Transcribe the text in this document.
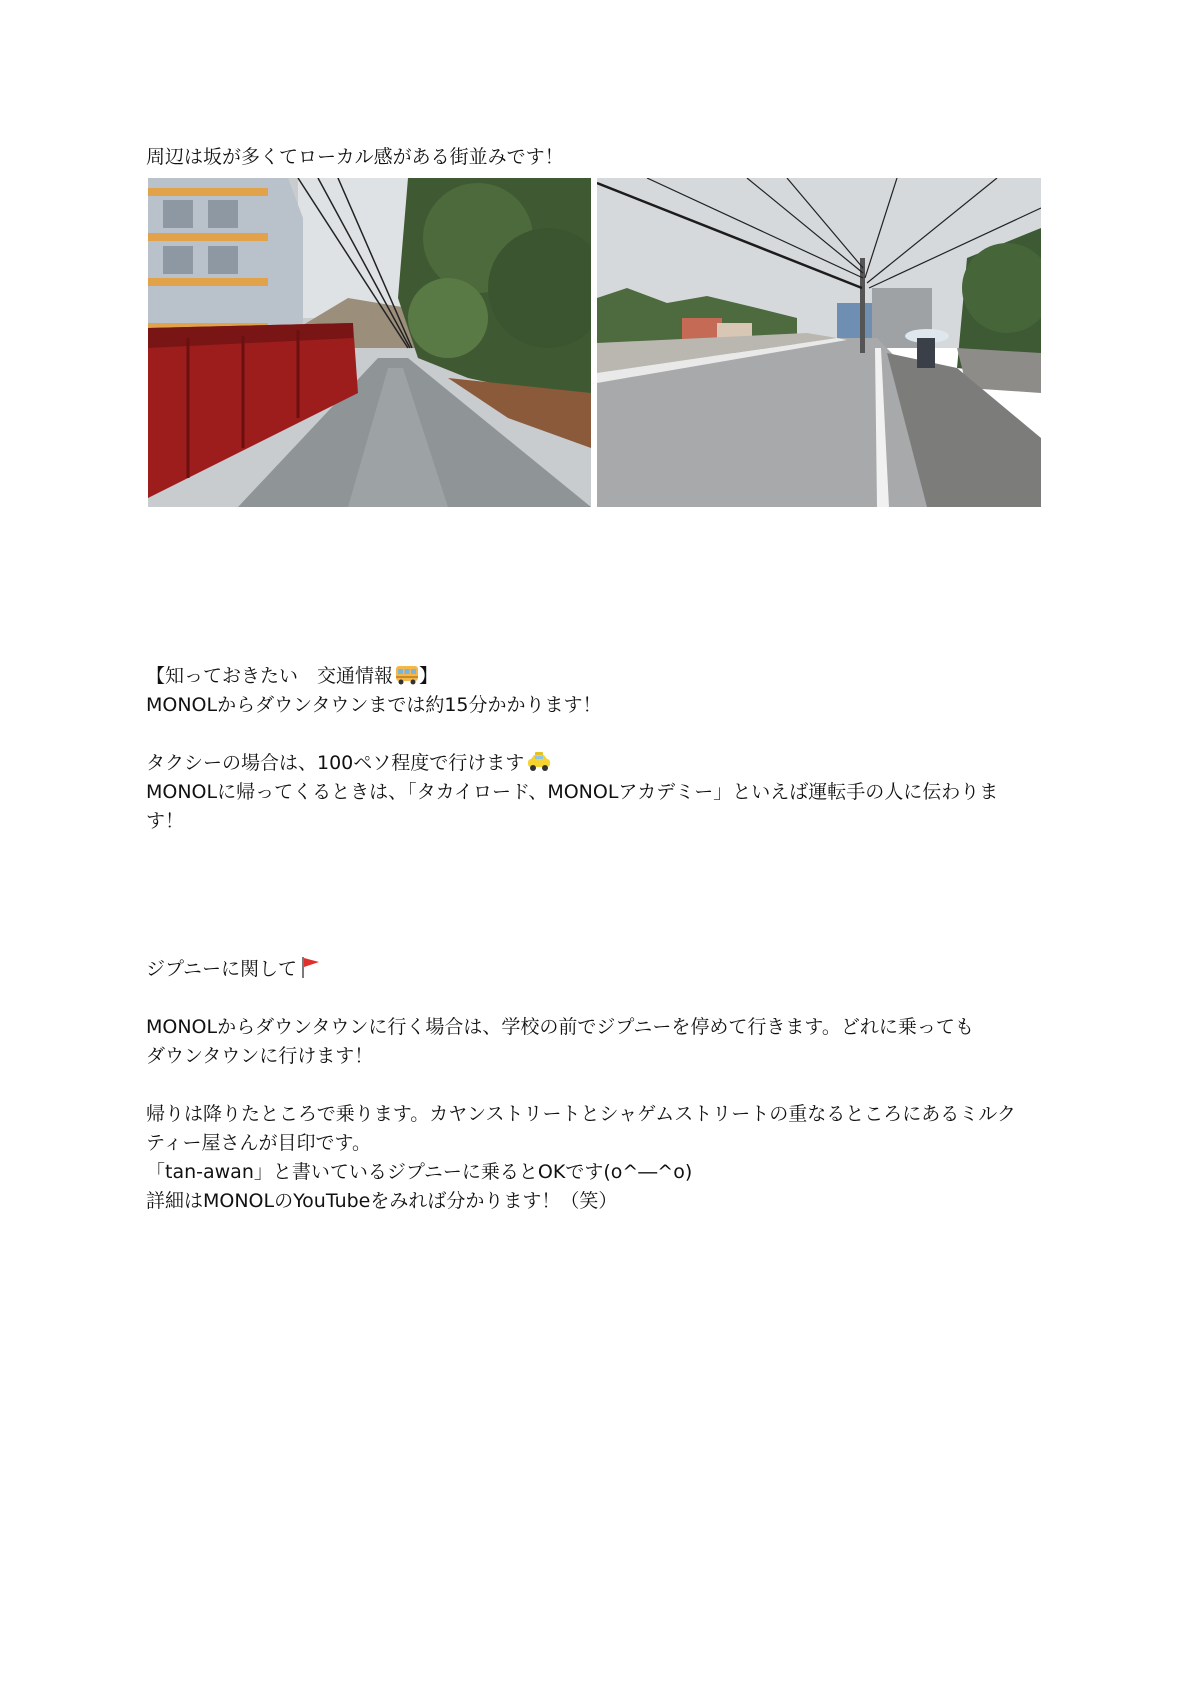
周辺は坂が多くてローカル感がある街並みです！
【知っておきたい　交通情報 】
MONOLからダウンタウンまでは約15分かかります！
タクシーの場合は、100ペソ程度で行けます
MONOLに帰ってくるときは、「タカイロード、MONOLアカデミー」といえば運転手の人に伝わりま
す！
ジプニーに関して
MONOLからダウンタウンに行く場合は、学校の前でジプニーを停めて行きます。どれに乗っても
ダウンタウンに行けます！
帰りは降りたところで乗ります。カヤンストリートとシャゲムストリートの重なるところにあるミルク
ティー屋さんが目印です。
「tan-awan」と書いているジプニーに乗るとOKです(o^―^o)
詳細はMONOLのYouTubeをみれば分かります！（笑）
